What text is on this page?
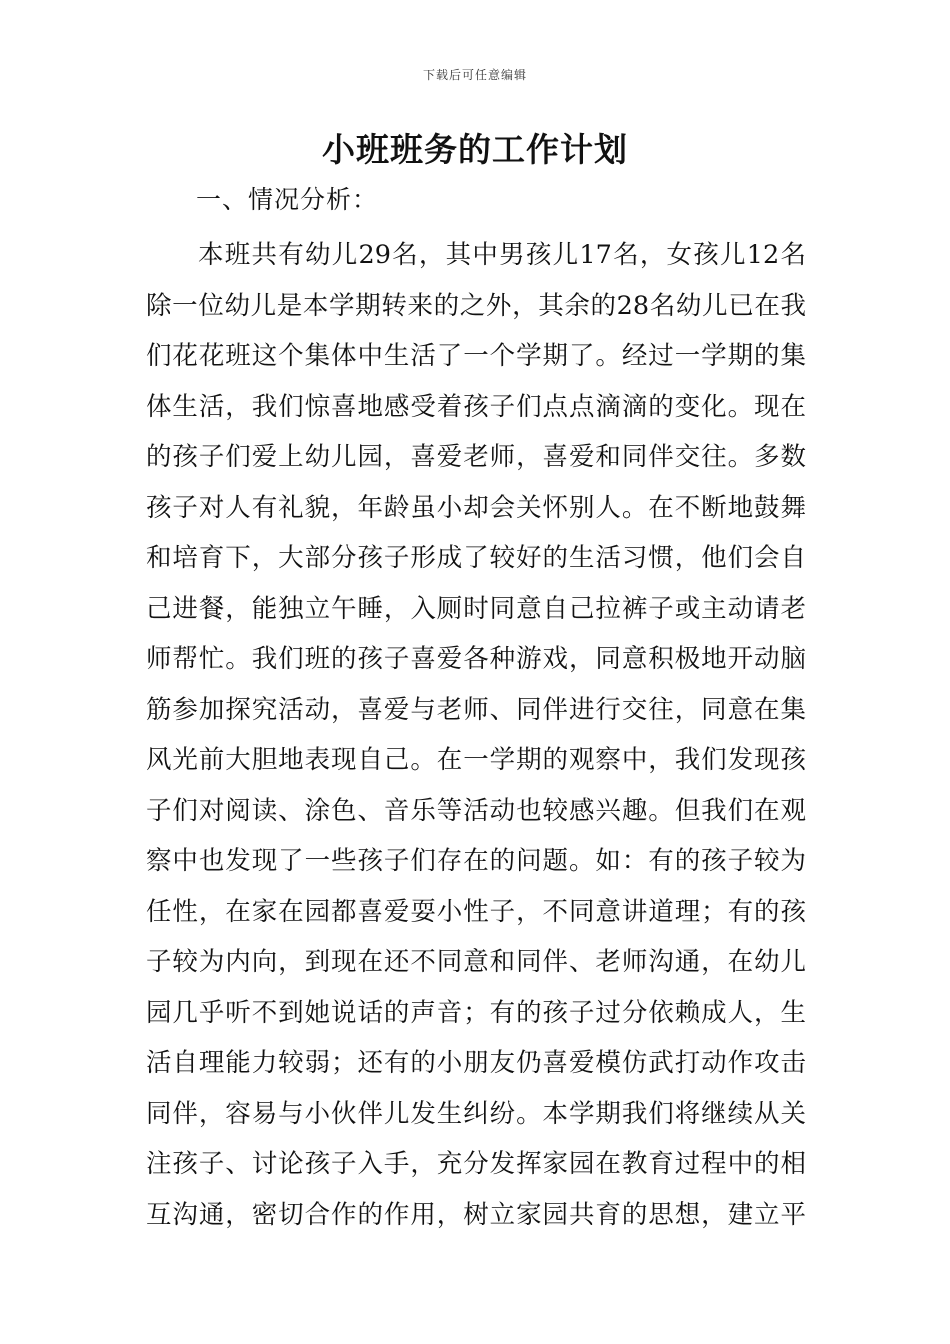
下载后可任意编辑
小班班务的工作计划
一、情况分析：
本班共有幼儿29名，其中男孩儿17名，女孩儿12名
除一位幼儿是本学期转来的之外，其余的28名幼儿已在我
们花花班这个集体中生活了一个学期了。经过一学期的集
体生活，我们惊喜地感受着孩子们点点滴滴的变化。现在
的孩子们爱上幼儿园，喜爱老师，喜爱和同伴交往。多数
孩子对人有礼貌，年龄虽小却会关怀别人。在不断地鼓舞
和培育下，大部分孩子形成了较好的生活习惯，他们会自
己进餐，能独立午睡，入厕时同意自己拉裤子或主动请老
师帮忙。我们班的孩子喜爱各种游戏，同意积极地开动脑
筋参加探究活动，喜爱与老师、同伴进行交往，同意在集
风光前大胆地表现自己。在一学期的观察中，我们发现孩
子们对阅读、涂色、音乐等活动也较感兴趣。但我们在观
察中也发现了一些孩子们存在的问题。如：有的孩子较为
任性，在家在园都喜爱耍小性子，不同意讲道理；有的孩
子较为内向，到现在还不同意和同伴、老师沟通，在幼儿
园几乎听不到她说话的声音；有的孩子过分依赖成人，生
活自理能力较弱；还有的小朋友仍喜爱模仿武打动作攻击
同伴，容易与小伙伴儿发生纠纷。本学期我们将继续从关
注孩子、讨论孩子入手，充分发挥家园在教育过程中的相
互沟通，密切合作的作用，树立家园共育的思想，建立平
